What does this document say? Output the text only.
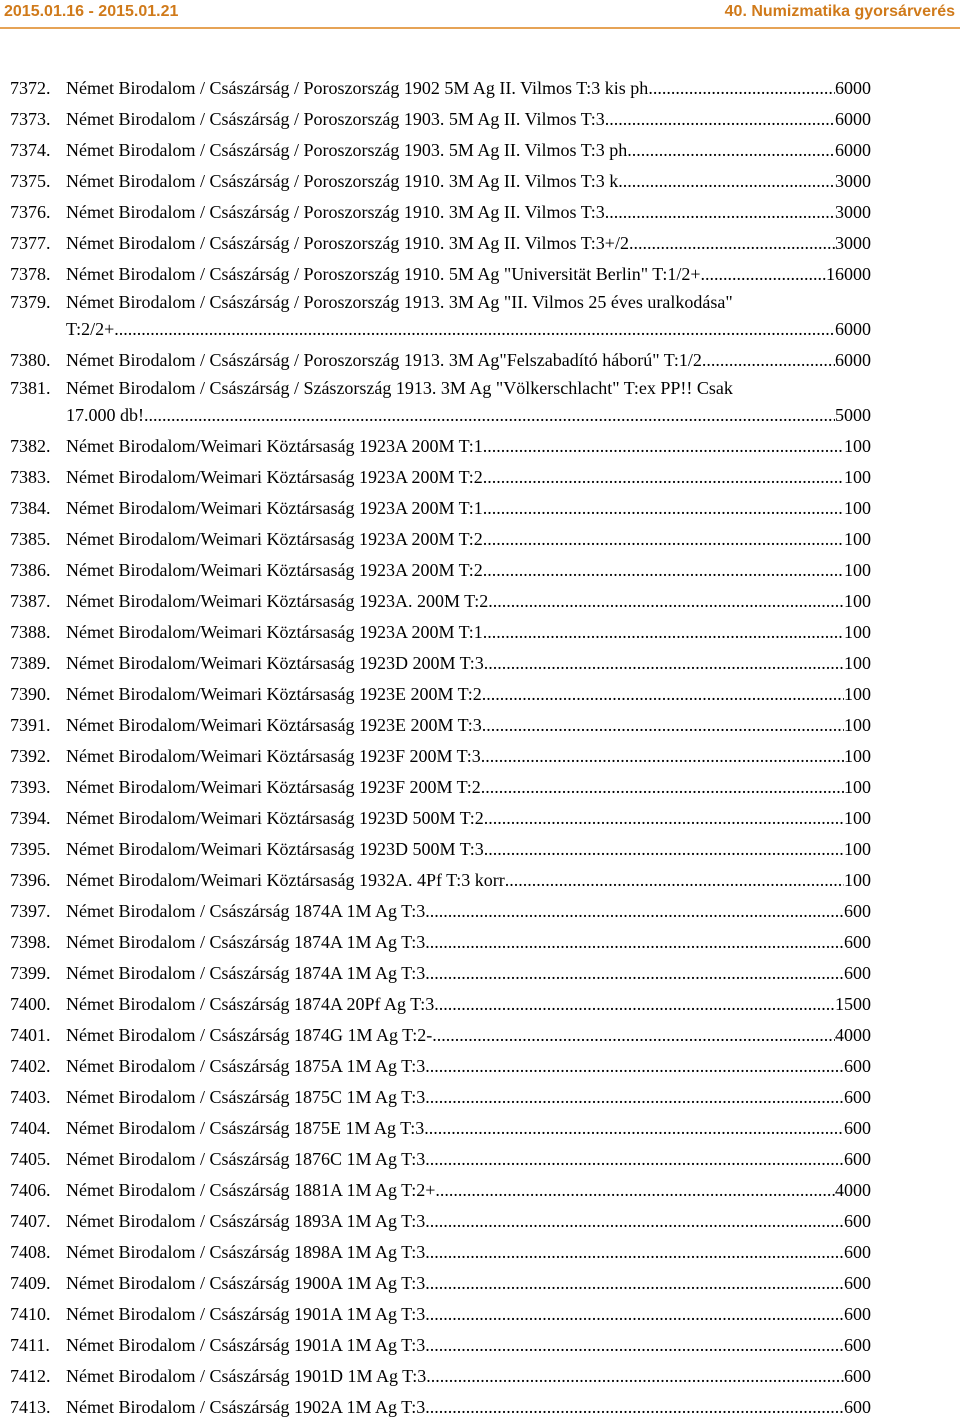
2015.01.16 - 2015.01.21	40. Numizmatika gyorsárverés
7372. Német Birodalom / Császárság / Poroszország 1902 5M Ag II. Vilmos T:3 kis ph .....	6000
7373. Német Birodalom / Császárság / Poroszország 1903. 5M Ag II. Vilmos T:3 .....	6000
7374. Német Birodalom / Császárság / Poroszország 1903. 5M Ag II. Vilmos T:3 ph .....	6000
7375. Német Birodalom / Császárság / Poroszország 1910. 3M Ag II. Vilmos T:3 k .....	3000
7376. Német Birodalom / Császárság / Poroszország 1910. 3M Ag II. Vilmos T:3 .....	3000
7377. Német Birodalom / Császárság / Poroszország 1910. 3M Ag II. Vilmos T:3+/2 .....	3000
7378. Német Birodalom / Császárság / Poroszország 1910. 5M Ag "Universität Berlin" T:1/2+ .....	16000
7379. Német Birodalom / Császárság / Poroszország 1913. 3M Ag "II. Vilmos 25 éves uralkodása"
T:2/2+ .....	6000
7380. Német Birodalom / Császárság / Poroszország 1913. 3M Ag"Felszabadító háború" T:1/2 .....	6000
7381. Német Birodalom / Császárság / Szászország 1913. 3M Ag "Völkerschlacht" T:ex PP!! Csak
17.000 db! .....	5000
7382. Német Birodalom/Weimari Köztársaság 1923A 200M T:1 .....	100
7383. Német Birodalom/Weimari Köztársaság 1923A 200M T:2 .....	100
7384. Német Birodalom/Weimari Köztársaság 1923A 200M T:1 .....	100
7385. Német Birodalom/Weimari Köztársaság 1923A 200M T:2 .....	100
7386. Német Birodalom/Weimari Köztársaság 1923A 200M T:2 .....	100
7387. Német Birodalom/Weimari Köztársaság 1923A. 200M T:2 .....	100
7388. Német Birodalom/Weimari Köztársaság 1923A 200M T:1 .....	100
7389. Német Birodalom/Weimari Köztársaság 1923D 200M T:3 .....	100
7390. Német Birodalom/Weimari Köztársaság 1923E 200M T:2 .....	100
7391. Német Birodalom/Weimari Köztársaság 1923E 200M T:3 .....	100
7392. Német Birodalom/Weimari Köztársaság 1923F 200M T:3 .....	100
7393. Német Birodalom/Weimari Köztársaság 1923F 200M T:2 .....	100
7394. Német Birodalom/Weimari Köztársaság 1923D 500M T:2 .....	100
7395. Német Birodalom/Weimari Köztársaság 1923D 500M T:3 .....	100
7396. Német Birodalom/Weimari Köztársaság 1932A. 4Pf T:3 korr .....	100
7397. Német Birodalom / Császárság 1874A 1M Ag T:3 .....	600
7398. Német Birodalom / Császárság 1874A 1M Ag T:3 .....	600
7399. Német Birodalom / Császárság 1874A 1M Ag T:3 .....	600
7400. Német Birodalom / Császárság 1874A 20Pf Ag T:3 .....	1500
7401. Német Birodalom / Császárság 1874G 1M Ag T:2- .....	4000
7402. Német Birodalom / Császárság 1875A 1M Ag T:3 .....	600
7403. Német Birodalom / Császárság 1875C 1M Ag T:3 .....	600
7404. Német Birodalom / Császárság 1875E 1M Ag T:3 .....	600
7405. Német Birodalom / Császárság 1876C 1M Ag T:3 .....	600
7406. Német Birodalom / Császárság 1881A 1M Ag T:2+ .....	4000
7407. Német Birodalom / Császárság 1893A 1M Ag T:3 .....	600
7408. Német Birodalom / Császárság 1898A 1M Ag T:3 .....	600
7409. Német Birodalom / Császárság 1900A 1M Ag T:3 .....	600
7410. Német Birodalom / Császárság 1901A 1M Ag T:3 .....	600
7411. Német Birodalom / Császárság 1901A 1M Ag T:3 .....	600
7412. Német Birodalom / Császárság 1901D 1M Ag T:3 .....	600
7413. Német Birodalom / Császárság 1902A 1M Ag T:3 .....	600
